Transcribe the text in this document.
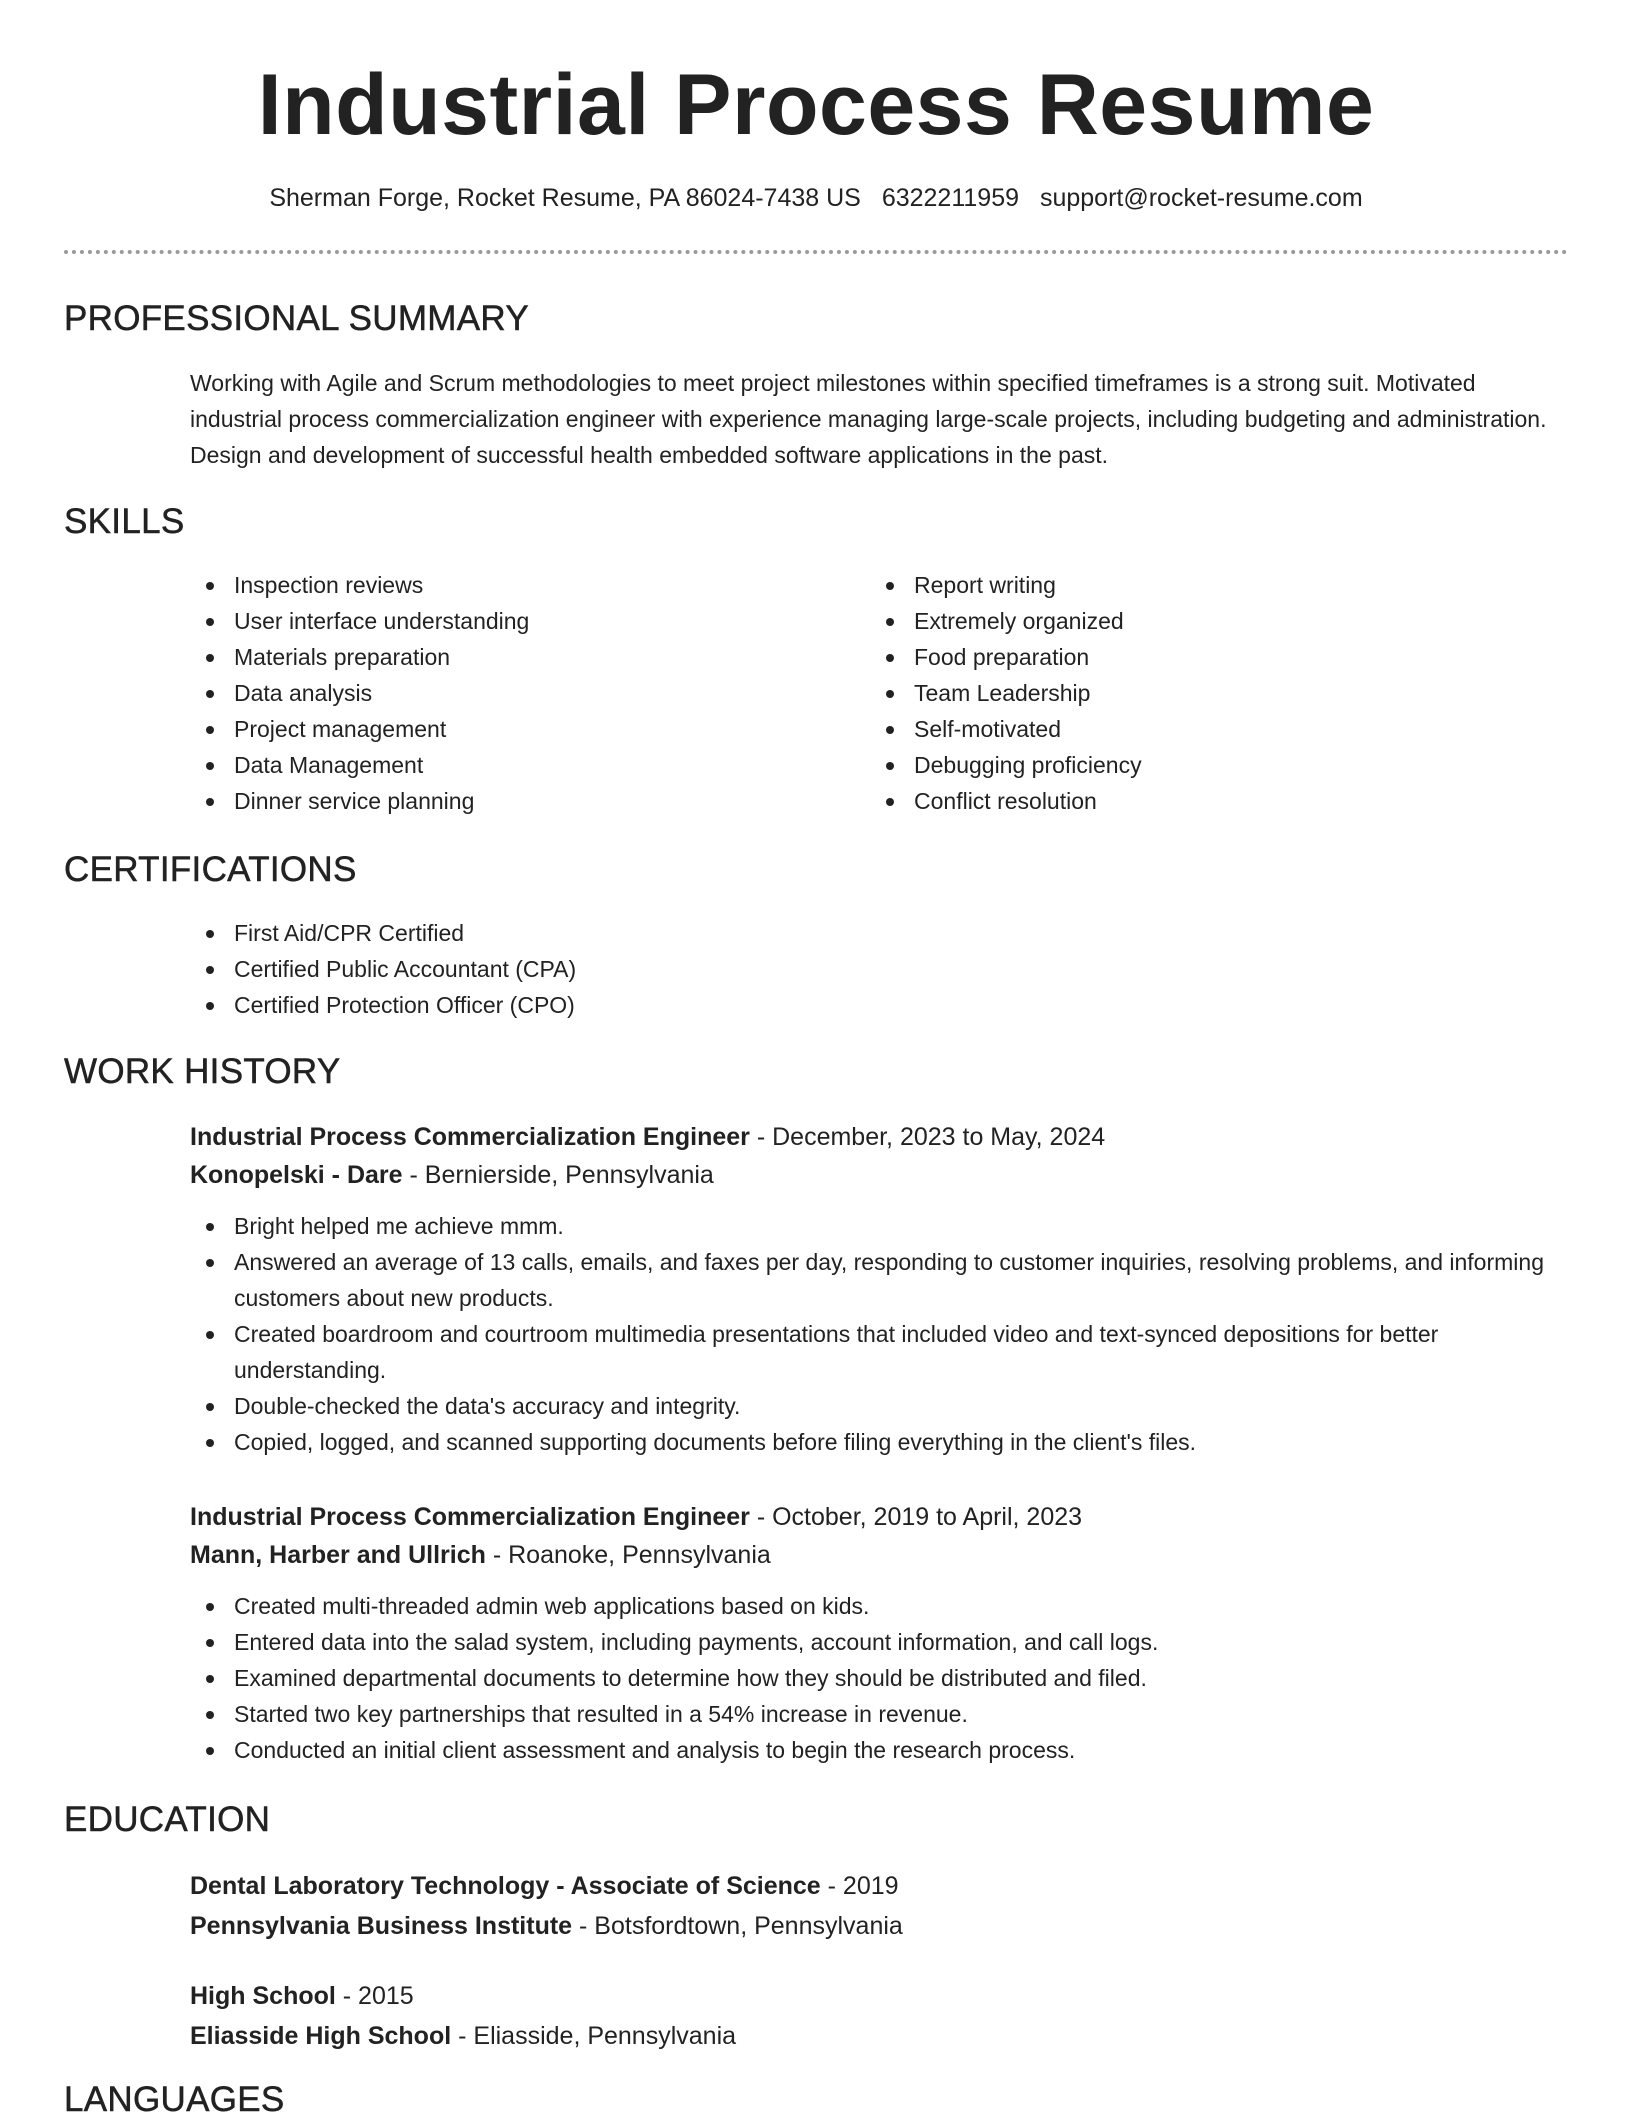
Industrial Process Resume
Sherman Forge, Rocket Resume, PA 86024-7438 US 6322211959 support@rocket-resume.com
PROFESSIONAL SUMMARY

Working with Agile and Scrum methodologies to meet project milestones within specified timeframes is a strong suit. Motivated industrial process commercialization engineer with experience managing large-scale projects, including budgeting and administration. Design and development of successful health embedded software applications in the past.

SKILLS
Inspection reviews
User interface understanding
Materials preparation
Data analysis
Project management
Data Management
Dinner service planning
Report writing
Extremely organized
Food preparation
Team Leadership
Self-motivated
Debugging proficiency
Conflict resolution
CERTIFICATIONS
First Aid/CPR Certified
Certified Public Accountant (CPA)
Certified Protection Officer (CPO)
WORK HISTORY
Industrial Process Commercialization Engineer - December, 2023 to May, 2024
Konopelski - Dare - Bernierside, Pennsylvania
Bright helped me achieve mmm.
Answered an average of 13 calls, emails, and faxes per day, responding to customer inquiries, resolving problems, and informing customers about new products.
Created boardroom and courtroom multimedia presentations that included video and text-synced depositions for better understanding.
Double-checked the data's accuracy and integrity.
Copied, logged, and scanned supporting documents before filing everything in the client's files.
Industrial Process Commercialization Engineer - October, 2019 to April, 2023
Mann, Harber and Ullrich - Roanoke, Pennsylvania
Created multi-threaded admin web applications based on kids.
Entered data into the salad system, including payments, account information, and call logs.
Examined departmental documents to determine how they should be distributed and filed.
Started two key partnerships that resulted in a 54% increase in revenue.
Conducted an initial client assessment and analysis to begin the research process.
EDUCATION
Dental Laboratory Technology - Associate of Science - 2019
Pennsylvania Business Institute - Botsfordtown, Pennsylvania
High School - 2015
Eliasside High School - Eliasside, Pennsylvania
LANGUAGES
